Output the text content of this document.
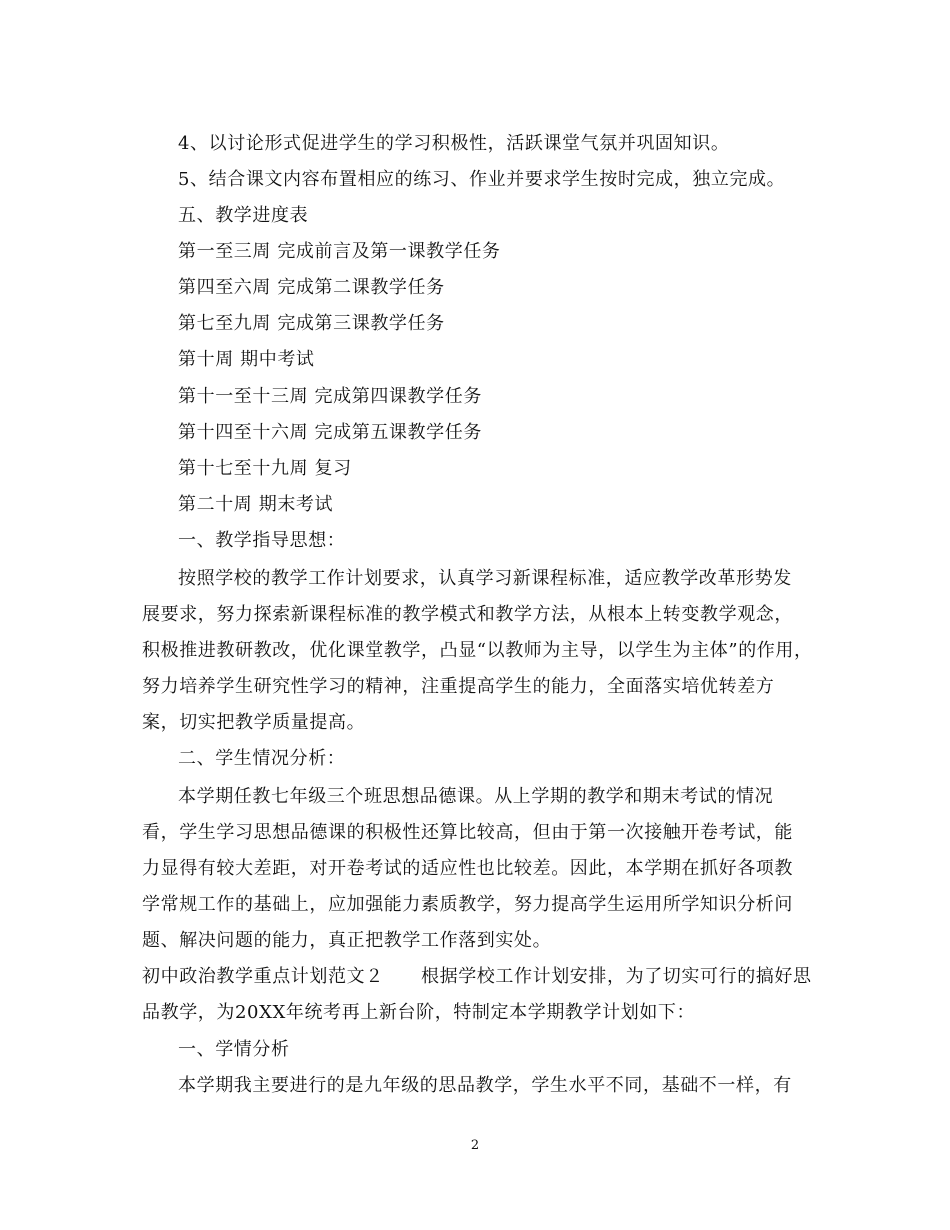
4、以讨论形式促进学生的学习积极性，活跃课堂气氛并巩固知识。
5、结合课文内容布置相应的练习、作业并要求学生按时完成，独立完成。
五、教学进度表
第一至三周 完成前言及第一课教学任务
第四至六周 完成第二课教学任务
第七至九周 完成第三课教学任务
第十周 期中考试
第十一至十三周 完成第四课教学任务
第十四至十六周 完成第五课教学任务
第十七至十九周 复习
第二十周 期末考试
一、教学指导思想：
按照学校的教学工作计划要求，认真学习新课程标准，适应教学改革形势发
展要求，努力探索新课程标准的教学模式和教学方法，从根本上转变教学观念，
积极推进教研教改，优化课堂教学，凸显“以教师为主导，以学生为主体”的作用，
努力培养学生研究性学习的精神，注重提高学生的能力，全面落实培优转差方
案，切实把教学质量提高。
二、学生情况分析：
本学期任教七年级三个班思想品德课。从上学期的教学和期末考试的情况
看，学生学习思想品德课的积极性还算比较高，但由于第一次接触开卷考试，能
力显得有较大差距，对开卷考试的适应性也比较差。因此，本学期在抓好各项教
学常规工作的基础上，应加强能力素质教学，努力提高学生运用所学知识分析问
题、解决问题的能力，真正把教学工作落到实处。
初中政治教学重点计划范文２　　根据学校工作计划安排，为了切实可行的搞好思
品教学，为20XX年统考再上新台阶，特制定本学期教学计划如下：
一、学情分析
本学期我主要进行的是九年级的思品教学，学生水平不同，基础不一样，有
2
